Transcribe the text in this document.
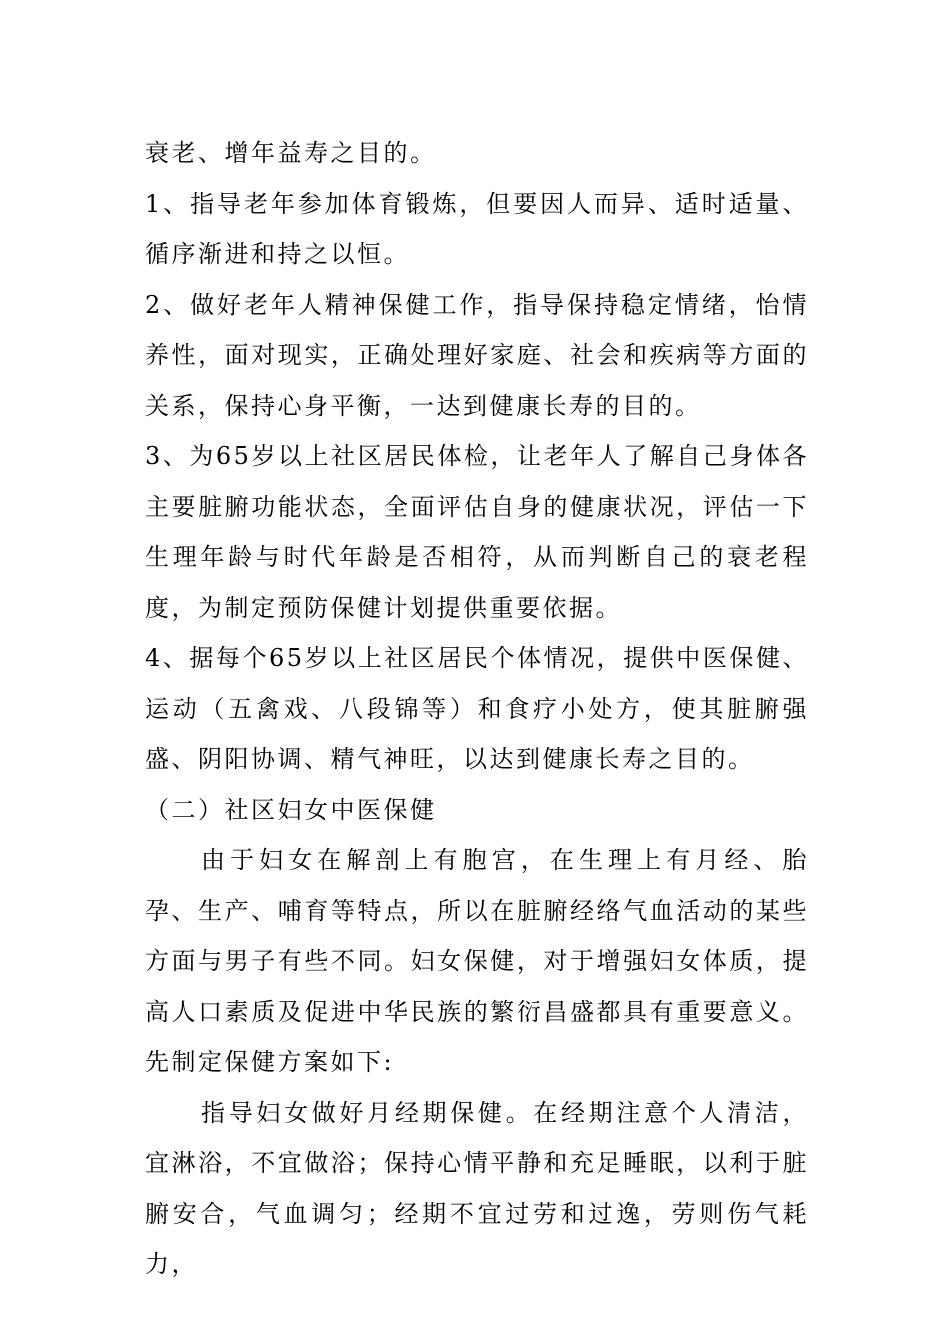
衰老、增年益寿之目的。

1、指导老年参加体育锻炼，但要因人而异、适时适量、循序渐进和持之以恒。

2、做好老年人精神保健工作，指导保持稳定情绪，怡情养性，面对现实，正确处理好家庭、社会和疾病等方面的关系，保持心身平衡，一达到健康长寿的目的。

3、为65岁以上社区居民体检，让老年人了解自己身体各主要脏腑功能状态，全面评估自身的健康状况，评估一下生理年龄与时代年龄是否相符，从而判断自己的衰老程度，为制定预防保健计划提供重要依据。

4、据每个65岁以上社区居民个体情况，提供中医保健、运动（五禽戏、八段锦等）和食疗小处方，使其脏腑强盛、阴阳协调、精气神旺，以达到健康长寿之目的。

（二）社区妇女中医保健

由于妇女在解剖上有胞宫，在生理上有月经、胎孕、生产、哺育等特点，所以在脏腑经络气血活动的某些方面与男子有些不同。妇女保健，对于增强妇女体质，提高人口素质及促进中华民族的繁衍昌盛都具有重要意义。先制定保健方案如下:

指导妇女做好月经期保健。在经期注意个人清洁，宜淋浴，不宜做浴；保持心情平静和充足睡眠，以利于脏腑安合，气血调匀；经期不宜过劳和过逸，劳则伤气耗力，
